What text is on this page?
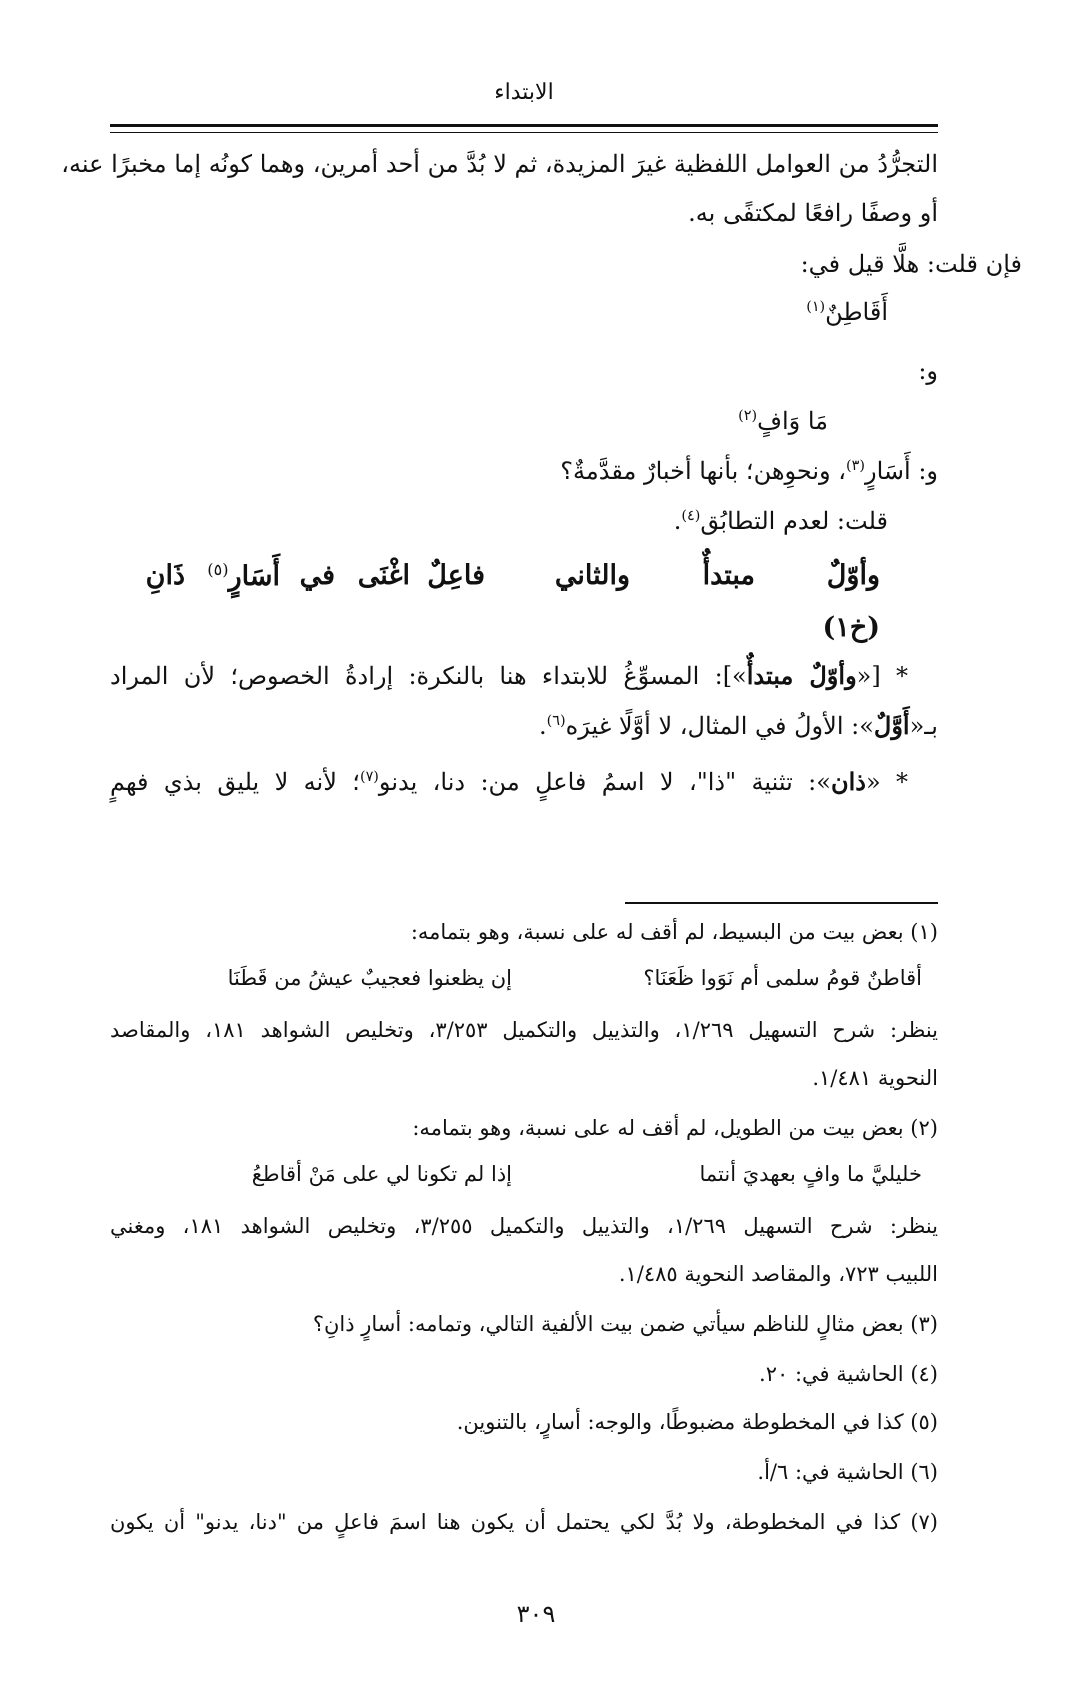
الابتداء
التجرُّدُ من العوامل اللفظية غيرَ المزيدة، ثم لا بُدَّ من أحد أمرين، وهما كونُه إما مخبرًا عنه،
أو وصفًا رافعًا لمكتفًى به.
فإن قلت: هلَّا قيل في:
أَقَاطِنٌ$^{(١)}$
و:
مَا وَافٍ$^{(٢)}$
و: أَسَارٍ$^{(٣)}$، ونحوِهن؛ بأنها أخبارٌ مقدَّمةٌ؟
قلت: لعدم التطابُق$^{(٤)}$.
وأوّلٌ
مبتدأٌ
والثاني
فاعِلٌ
اغْنَى
في
أَسَارٍ$^{(٥)}$
ذَانِ
(خ١)
* [«وأوّلٌ مبتدأٌ»]: المسوِّغُ للابتداء هنا بالنكرة: إرادةُ الخصوص؛ لأن المراد
بـ«أَوَّلٌ»: الأولُ في المثال، لا أوَّلًا غيرَه$^{(٦)}$.
* «ذان»: تثنية "ذا"، لا اسمُ فاعلٍ من: دنا، يدنو$^{(٧)}$؛ لأنه لا يليق بذي فهمٍ
(١) بعض بيت من البسيط، لم أقف له على نسبة، وهو بتمامه:
أقاطنٌ قومُ سلمى أم نَوَوا ظَعَنَا؟
إن يظعنوا فعجيبٌ عيشُ من قَطَنَا
ينظر: شرح التسهيل ١/٢٦٩، والتذييل والتكميل ٣/٢٥٣، وتخليص الشواهد ١٨١، والمقاصد
النحوية ١/٤٨١.
(٢) بعض بيت من الطويل، لم أقف له على نسبة، وهو بتمامه:
خليليَّ ما وافٍ بعهديَ أنتما
إذا لم تكونا لي على مَنْ أقاطعُ
ينظر: شرح التسهيل ١/٢٦٩، والتذييل والتكميل ٣/٢٥٥، وتخليص الشواهد ١٨١، ومغني
اللبيب ٧٢٣، والمقاصد النحوية ١/٤٨٥.
(٣) بعض مثالٍ للناظم سيأتي ضمن بيت الألفية التالي، وتمامه: أسارٍ ذانِ؟
(٤) الحاشية في: ٢٠.
(٥) كذا في المخطوطة مضبوطًا، والوجه: أسارٍ، بالتنوين.
(٦) الحاشية في: ٦/أ.
(٧) كذا في المخطوطة، ولا بُدَّ لكي يحتمل أن يكون هنا اسمَ فاعلٍ من "دنا، يدنو" أن يكون
٣٠٩
